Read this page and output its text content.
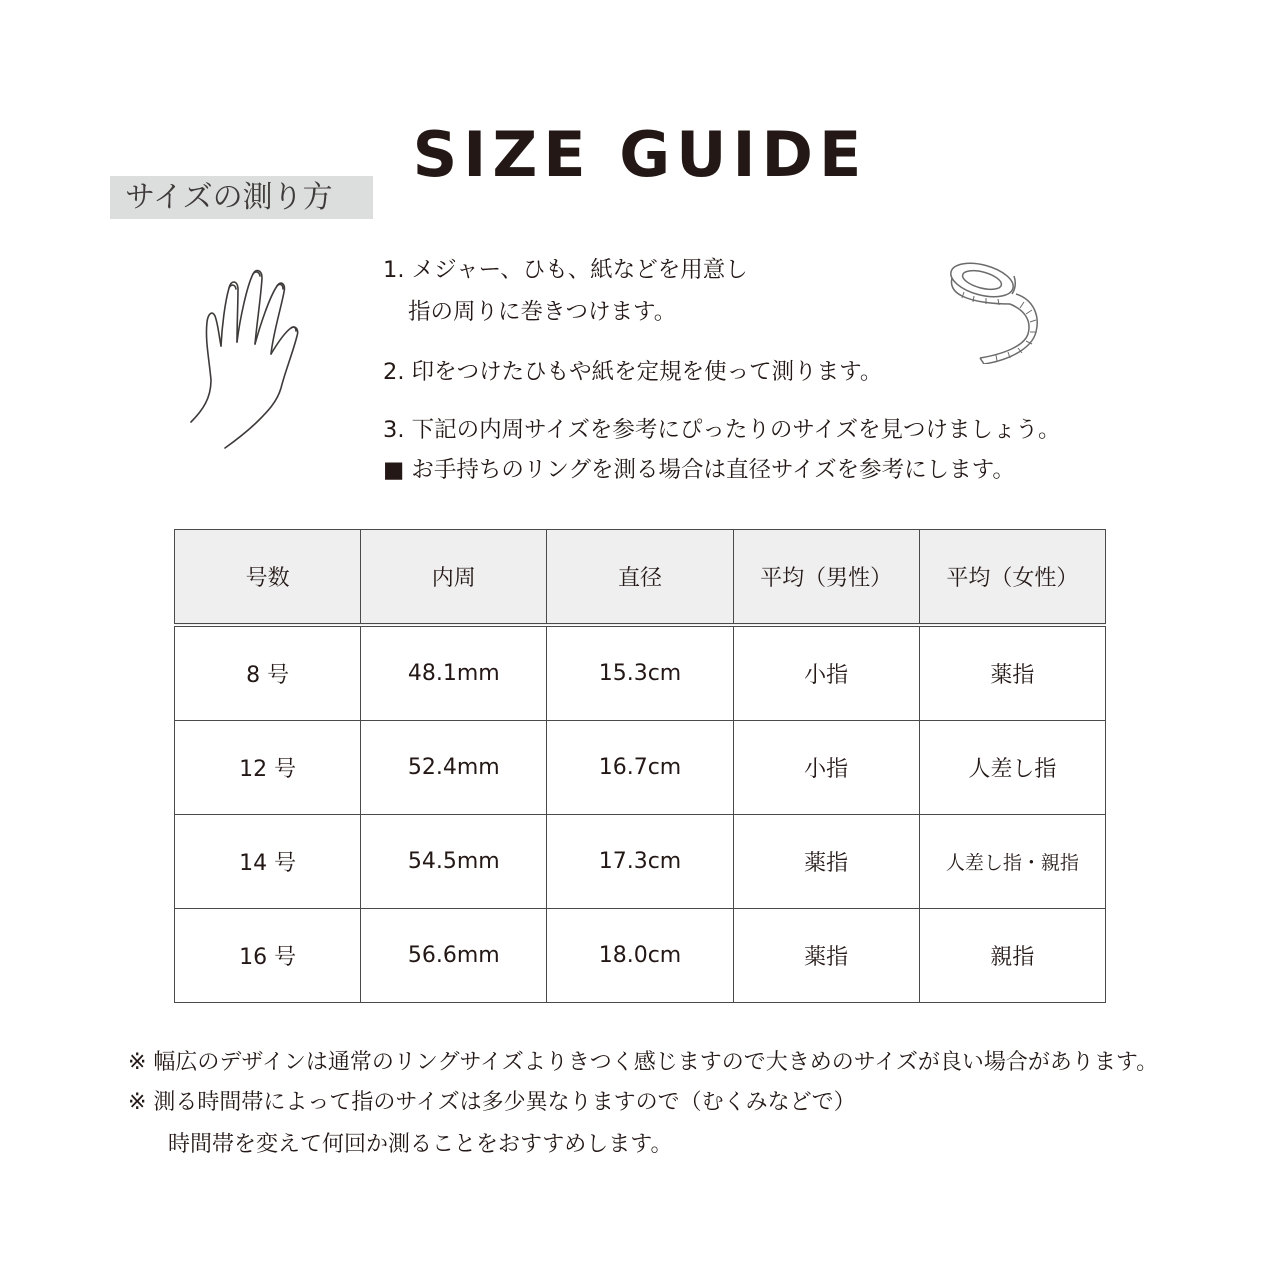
SIZE GUIDE
サイズの測り方
1. メジャー、ひも、紙などを用意し
指の周りに巻きつけます。
2. 印をつけたひもや紙を定規を使って測ります。
3. 下記の内周サイズを参考にぴったりのサイズを見つけましょう。
■ お手持ちのリングを測る場合は直径サイズを参考にします。
号数	内周	直径	平均（男性）	平均（女性）
8 号	48.1mm	15.3cm	小指	薬指
12 号	52.4mm	16.7cm	小指	人差し指
14 号	54.5mm	17.3cm	薬指	人差し指・親指
16 号	56.6mm	18.0cm	薬指	親指
※ 幅広のデザインは通常のリングサイズよりきつく感じますので大きめのサイズが良い場合があります。
※ 測る時間帯によって指のサイズは多少異なりますので（むくみなどで）
時間帯を変えて何回か測ることをおすすめします。
